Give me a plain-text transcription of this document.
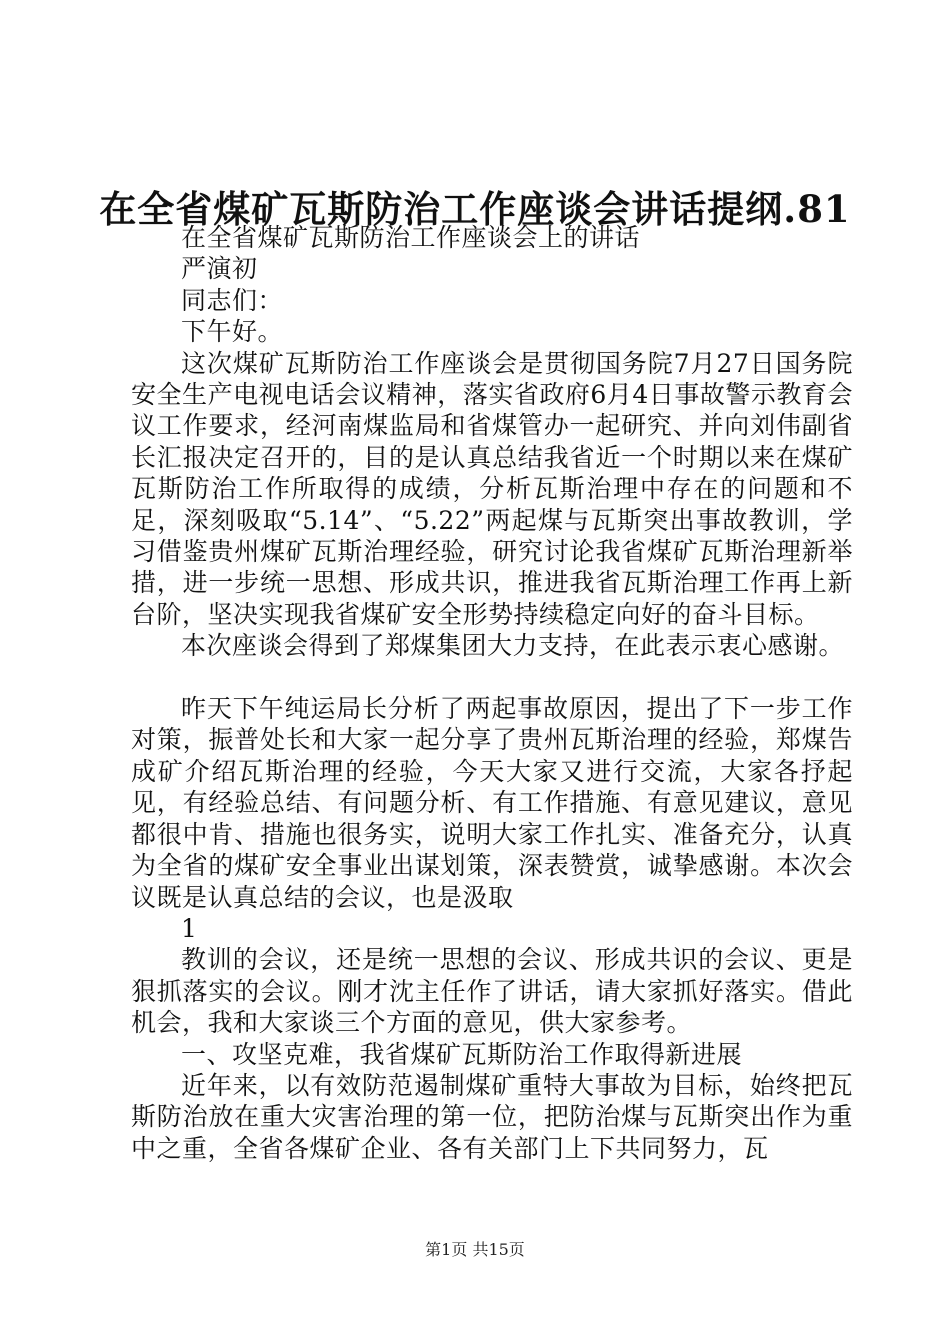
在全省煤矿瓦斯防治工作座谈会讲话提纲.81

在全省煤矿瓦斯防治工作座谈会上的讲话

严演初

同志们：

下午好。

这次煤矿瓦斯防治工作座谈会是贯彻国务院7月27日国务院安全生产电视电话会议精神，落实省政府6月4日事故警示教育会议工作要求，经河南煤监局和省煤管办一起研究、并向刘伟副省长汇报决定召开的，目的是认真总结我省近一个时期以来在煤矿瓦斯防治工作所取得的成绩，分析瓦斯治理中存在的问题和不足，深刻吸取“5.14”、“5.22”两起煤与瓦斯突出事故教训，学习借鉴贵州煤矿瓦斯治理经验，研究讨论我省煤矿瓦斯治理新举措，进一步统一思想、形成共识，推进我省瓦斯治理工作再上新台阶，坚决实现我省煤矿安全形势持续稳定向好的奋斗目标。

本次座谈会得到了郑煤集团大力支持，在此表示衷心感谢。

昨天下午纯运局长分析了两起事故原因，提出了下一步工作对策，振普处长和大家一起分享了贵州瓦斯治理的经验，郑煤告成矿介绍瓦斯治理的经验，今天大家又进行交流，大家各抒起见，有经验总结、有问题分析、有工作措施、有意见建议，意见都很中肯、措施也很务实，说明大家工作扎实、准备充分，认真为全省的煤矿安全事业出谋划策，深表赞赏，诚挚感谢。本次会议既是认真总结的会议，也是汲取

1

教训的会议，还是统一思想的会议、形成共识的会议、更是狠抓落实的会议。刚才沈主任作了讲话，请大家抓好落实。借此机会，我和大家谈三个方面的意见，供大家参考。

一、攻坚克难，我省煤矿瓦斯防治工作取得新进展

近年来，以有效防范遏制煤矿重特大事故为目标，始终把瓦斯防治放在重大灾害治理的第一位，把防治煤与瓦斯突出作为重中之重，全省各煤矿企业、各有关部门上下共同努力，瓦

第1页 共15页
